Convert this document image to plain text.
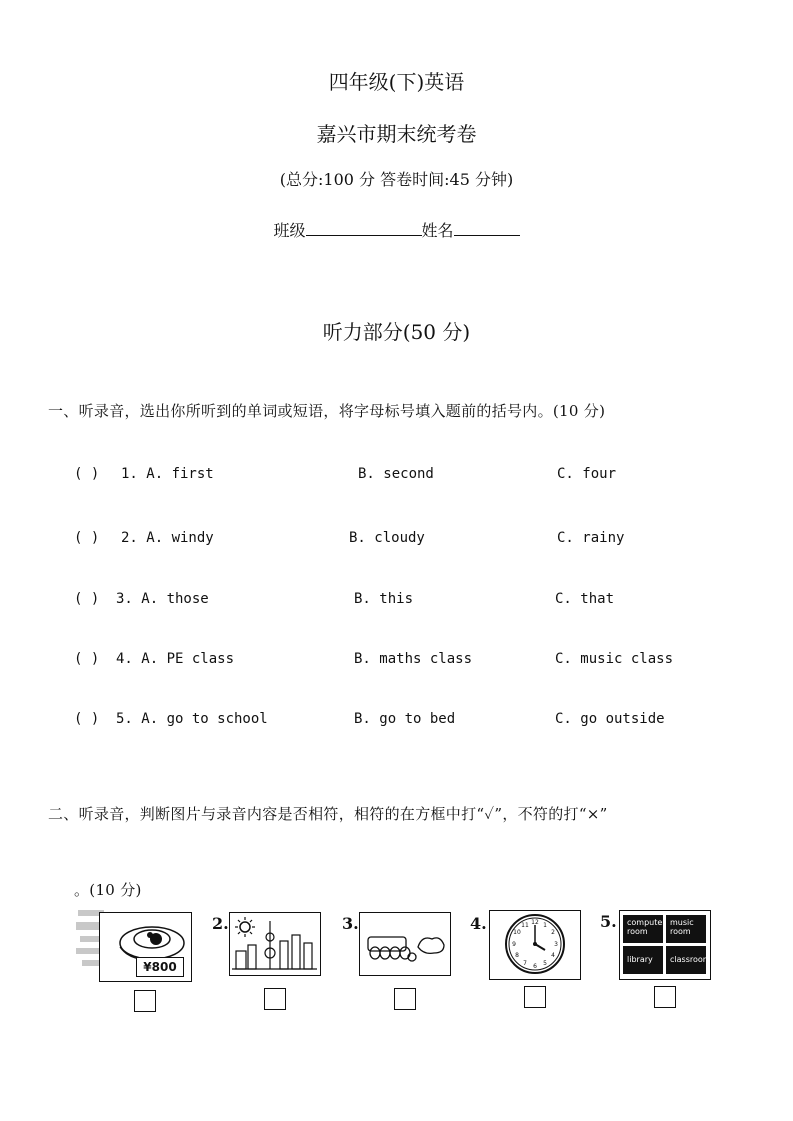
四年级(下)英语
嘉兴市期末统考卷
(总分:100 分 答卷时间:45 分钟)
班级	姓名
听力部分(50 分)
一、听录音，选出你所听到的单词或短语，将字母标号填入题前的括号内。(10 分)
( ) 1. A. first	B. second	C. four
( ) 2. A. windy	B. cloudy	C. rainy
( ) 3. A. those	B. this	C. that
( ) 4. A. PE class	B. maths class	C. music class
( ) 5. A. go to school	B. go to bed	C. go outside
二、听录音，判断图片与录音内容是否相符，相符的在方框中打“✓”，不符的打“×”
。(10 分)
¥800
2.	3.	4.	12 1
2
3
4
5
6
7
8
9
10
11	5.	computer room
music room
library	classroom
